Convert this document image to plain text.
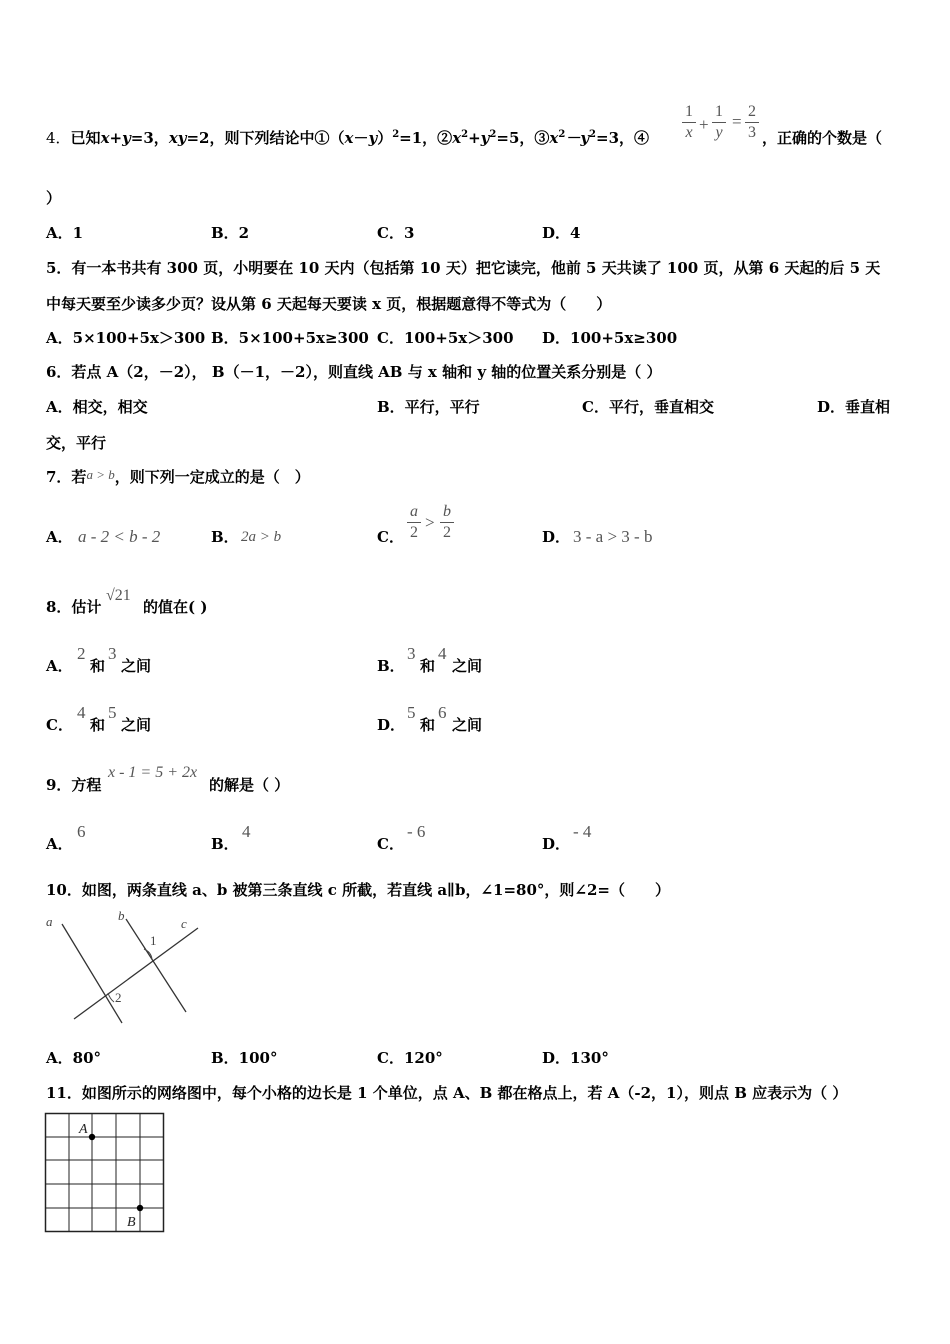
4．已知x+y=3，xy=2，则下列结论中$①(x-y)^2=1$，$②x^2+y^2=5$，$③x^2-y^2=3$，④
1
x +
1
y
=
2
3 ，正确的个数是（
）
A．1	B．2	C．3	D．4
5．有一本书共有 300 页，小明要在 10 天内（包括第 10 天）把它读完，他前 5 天共读了 100 页，从第 6 天起的后 5 天
中每天要至少读多少页？设从第 6 天起每天要读 x 页，根据题意得不等式为（　　）
A．5×100+5x＞300 B．5×100+5x≥300 C．100+5x＞300 D．100+5x≥300
6．若点 A（2，－2）， B（－1，－2），则直线 AB 与 x 轴和 y 轴的位置关系分别是（ ）
A．相交，相交	B．平行，平行	C．平行，垂直相交	D．垂直相
交，平行
7．若a > b，则下列一定成立的是（　）
A． a - 2 < b - 2	B． 2a > b	C．
a
2
>
b
2	D． 3 - a > 3 - b
8．估计
√21
的值在( )
A．
2
和
3
之间	B．
3
和
4
之间
C．
4
和
5
之间	D．
5
和
6
之间
9．方程
x - 1 = 5 + 2x
的解是（ ）
A．
6
B．
4
C．
- 6
D．
- 4
10．如图，两条直线 a、b 被第三条直线 c 所截，若直线 a∥b，∠1=80°，则∠2=（　　）
a	b
c
1
2
A．80°	B．100°	C．120°	D．130°
11．如图所示的网络图中，每个小格的边长是 1 个单位，点 A、B 都在格点上，若 A（-2，1），则点 B 应表示为（ ）
A
B
